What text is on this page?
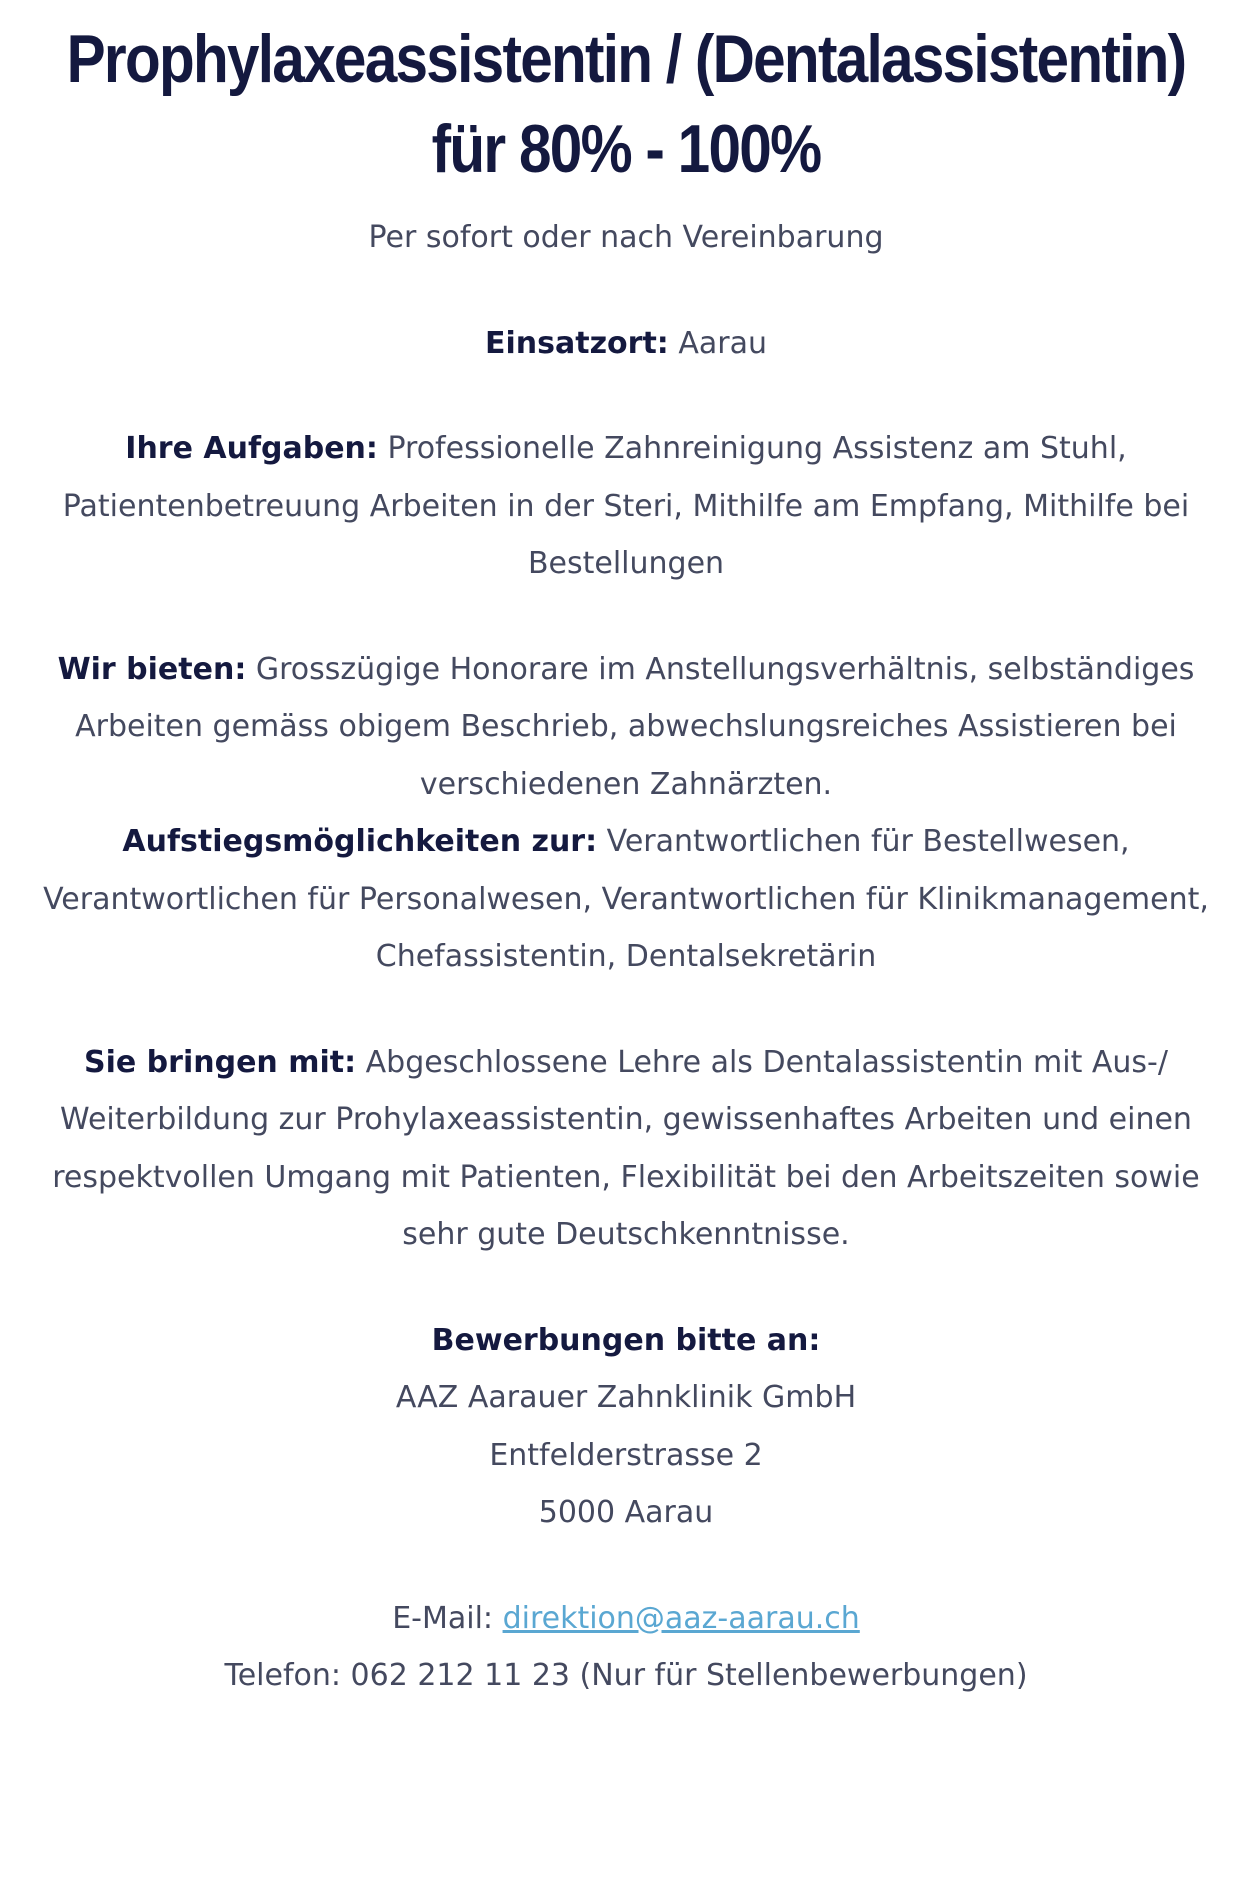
Prophylaxeassistentin / (Dentalassistentin) für 80% - 100%

Per sofort oder nach Vereinbarung

Einsatzort: Aarau

Ihre Aufgaben: Professionelle Zahnreinigung Assistenz am Stuhl, Patientenbetreuung Arbeiten in der Steri, Mithilfe am Empfang, Mithilfe bei Bestellungen

Wir bieten: Grosszügige Honorare im Anstellungsverhältnis, selbständiges Arbeiten gemäss obigem Beschrieb, abwechslungsreiches Assistieren bei verschiedenen Zahnärzten.

Aufstiegsmöglichkeiten zur: Verantwortlichen für Bestellwesen, Verantwortlichen für Personalwesen, Verantwortlichen für Klinikmanagement, Chefassistentin, Dentalsekretärin

Sie bringen mit: Abgeschlossene Lehre als Dentalassistentin mit Aus-/ Weiterbildung zur Prohylaxeassistentin, gewissenhaftes Arbeiten und einen respektvollen Umgang mit Patienten, Flexibilität bei den Arbeitszeiten sowie sehr gute Deutschkenntnisse.

Bewerbungen bitte an:
AAZ Aarauer Zahnklinik GmbH
Entfelderstrasse 2
5000 Aarau
E-Mail: direktion@aaz-aarau.ch
Telefon: 062 212 11 23 (Nur für Stellenbewerbungen)
